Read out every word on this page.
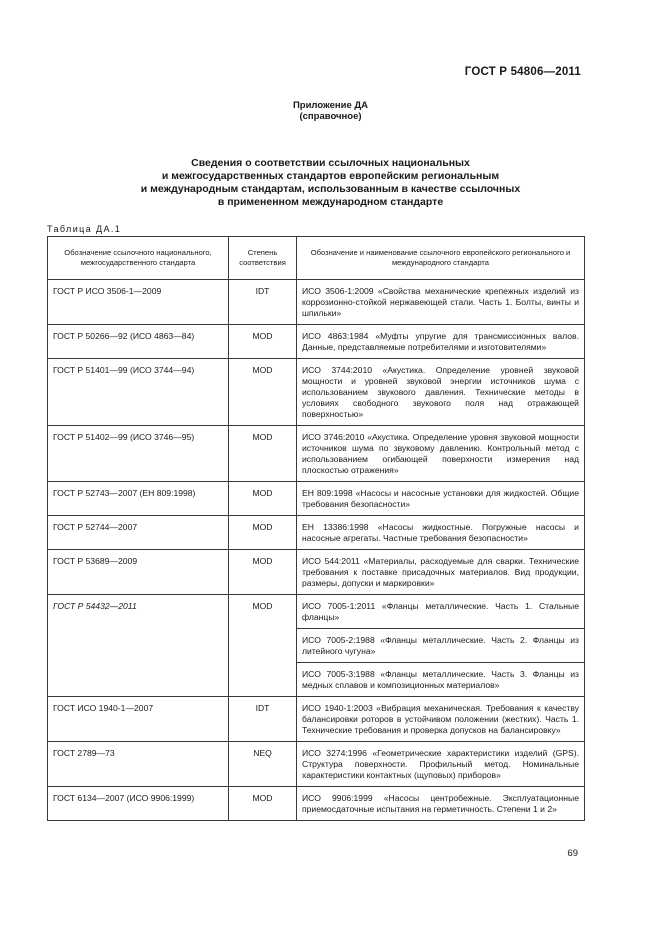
ГОСТ Р 54806—2011
Приложение ДА
(справочное)
Сведения о соответствии ссылочных национальных
и межгосударственных стандартов европейским региональным
и международным стандартам, использованным в качестве ссылочных
в примененном международном стандарте
Таблица ДА.1
Обозначение ссылочного национального, межгосударственного стандарта	Степень соответствия	Обозначение и наименование ссылочного европейского регионального и международного стандарта
ГОСТ Р ИСО 3506-1—2009	IDT	ИСО 3506-1:2009 «Свойства механические крепежных изделий из коррозионно-стойкой нержавеющей стали. Часть 1. Болты, винты и шпильки»
ГОСТ Р 50266—92 (ИСО 4863—84)	MOD	ИСО 4863:1984 «Муфты упругие для трансмиссионных валов. Данные, представляемые потребителями и изготовителями»
ГОСТ Р 51401—99 (ИСО 3744—94)	MOD	ИСО 3744:2010 «Акустика. Определение уровней звуковой мощности и уровней звуковой энергии источников шума с использованием звукового давления. Технические методы в условиях свободного звукового поля над отражающей поверхностью»
ГОСТ Р 51402—99 (ИСО 3746—95)	MOD	ИСО 3746:2010 «Акустика. Определение уровня звуковой мощности источников шума по звуковому давлению. Контрольный метод с использованием огибающей поверхности измерения над плоскостью отражения»
ГОСТ Р 52743—2007 (ЕН 809:1998)	MOD	ЕН 809:1998 «Насосы и насосные установки для жидкостей. Общие требования безопасности»
ГОСТ Р 52744—2007	MOD	ЕН 13386:1998 «Насосы жидкостные. Погружные насосы и насосные агрегаты. Частные требования безопасности»
ГОСТ Р 53689—2009	MOD	ИСО 544:2011 «Материалы, расходуемые для сварки. Технические требования к поставке присадочных материалов. Вид продукции, размеры, допуски и маркировки»
ГОСТ Р 54432—2011	MOD	ИСО 7005-1:2011 «Фланцы металлические. Часть 1. Стальные фланцы»
		ИСО 7005-2:1988 «Фланцы металлические. Часть 2. Фланцы из литейного чугуна»
		ИСО 7005-3:1988 «Фланцы металлические. Часть 3. Фланцы из медных сплавов и композиционных материалов»
ГОСТ ИСО 1940-1—2007	IDT	ИСО 1940-1:2003 «Вибрация механическая. Требования к качеству балансировки роторов в устойчивом положении (жестких). Часть 1. Технические требования и проверка допусков на балансировку»
ГОСТ 2789—73	NEQ	ИСО 3274:1996 «Геометрические характеристики изделий (GPS). Структура поверхности. Профильный метод. Номинальные характеристики контактных (щуповых) приборов»
ГОСТ 6134—2007 (ИСО 9906:1999)	MOD	ИСО 9906:1999 «Насосы центробежные. Эксплуатационные приемосдаточные испытания на герметичность. Степени 1 и 2»
69
